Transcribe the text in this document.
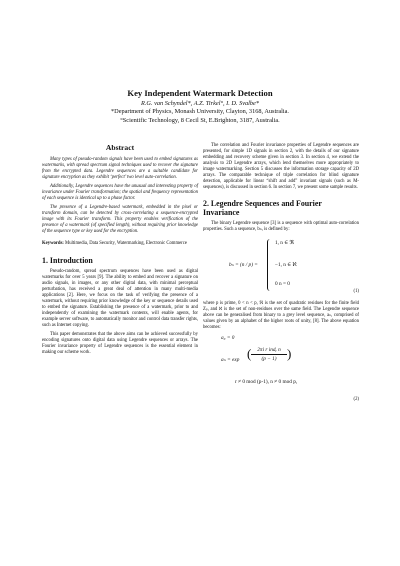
Key Independent Watermark Detection
R.G. van Schyndel*, A.Z. Tirkel°, I. D. Svalbe*
*Department of Physics, Monash University, Clayton, 3168, Australia.
°Scientific Technology, 8 Cecil St, E.Brighton, 3187, Australia.
Abstract

Many types of pseudo-random signals have been used to embed signatures as watermarks, with spread spectrum signal techniques used to recover the signature from the encrypted data. Legendre sequences are a suitable candidate for signature encryption as they exhibit ‘perfect’ two level auto-correlation.

Additionally, Legendre sequences have the unusual and interesting property of invariance under Fourier transformation; the spatial and frequency representation of each sequence is identical up to a phase factor.

The presence of a Legendre-based watermark, embedded in the pixel or transform domain, can be detected by cross-correlating a sequence-encrypted image with its Fourier transform. This property enables verification of the presence of a watermark (of specified length), without requiring prior knowledge of the sequence type or key used for the encryption.

Keywords: Multimedia, Data Security, Watermarking, Electronic Commerce
1. Introduction

Pseudo-random, spread spectrum sequences have been used as digital watermarks for over 5 years [9]. The ability to embed and recover a signature on audio signals, in images, or any other digital data, with minimal perceptual perturbation, has received a great deal of attention in many multi-media applications [2]. Here, we focus on the task of verifying the presence of a watermark, without requiring prior knowledge of the key or sequence details used to embed the signature. Establishing the presence of a watermark, prior to and independently of examining the watermark contents, will enable agents, for example server software, to automatically monitor and control data transfer rights, such as Internet copying.

This paper demonstrates that the above aims can be achieved successfully by encoding signatures onto digital data using Legendre sequences or arrays. The Fourier invariance property of Legendre sequences is the essential element in making our scheme work.

The correlation and Fourier invariance properties of Legendre sequences are presented, for simple 1D signals in section 2, with the details of our signature embedding and recovery scheme given in section 3. In section 4, we extend the analysis to 2D Legendre arrays, which lend themselves more appropriately to image watermarking. Section 5 discusses the information storage capacity of 2D arrays. The comparable technique of triple correlation for blind signature detection, applicable for linear “shift and add” invariant signals (such as M-sequences), is discussed in section 6. In section 7, we present some sample results.

2. Legendre Sequences and Fourier Invariance

The binary Legendre sequence [3] is a sequence with optimal auto-correlation properties. Such a sequence, bₙ, is defined by:

bₙ = (n / p) =
1, n ∈ ℜ
−1, n ∈ ℵ
0 n = 0
(1)

where p is prime, 0 < n < p, ℜ is the set of quadratic residues for the finite field Zₚ, and ℵ is the set of non-residues over the same field. The Legendre sequence above can be generalised from binary to a grey level sequence, aₙ, comprised of values given by an alphabet of the higher roots of unity, [8]. The above equation becomes:

a₀ = 0
aₙ = exp (	2πi r indᵧ n
(p − 1) )
r ≠ 0 mod (p-1), n ≠ 0 mod p,
(2)
